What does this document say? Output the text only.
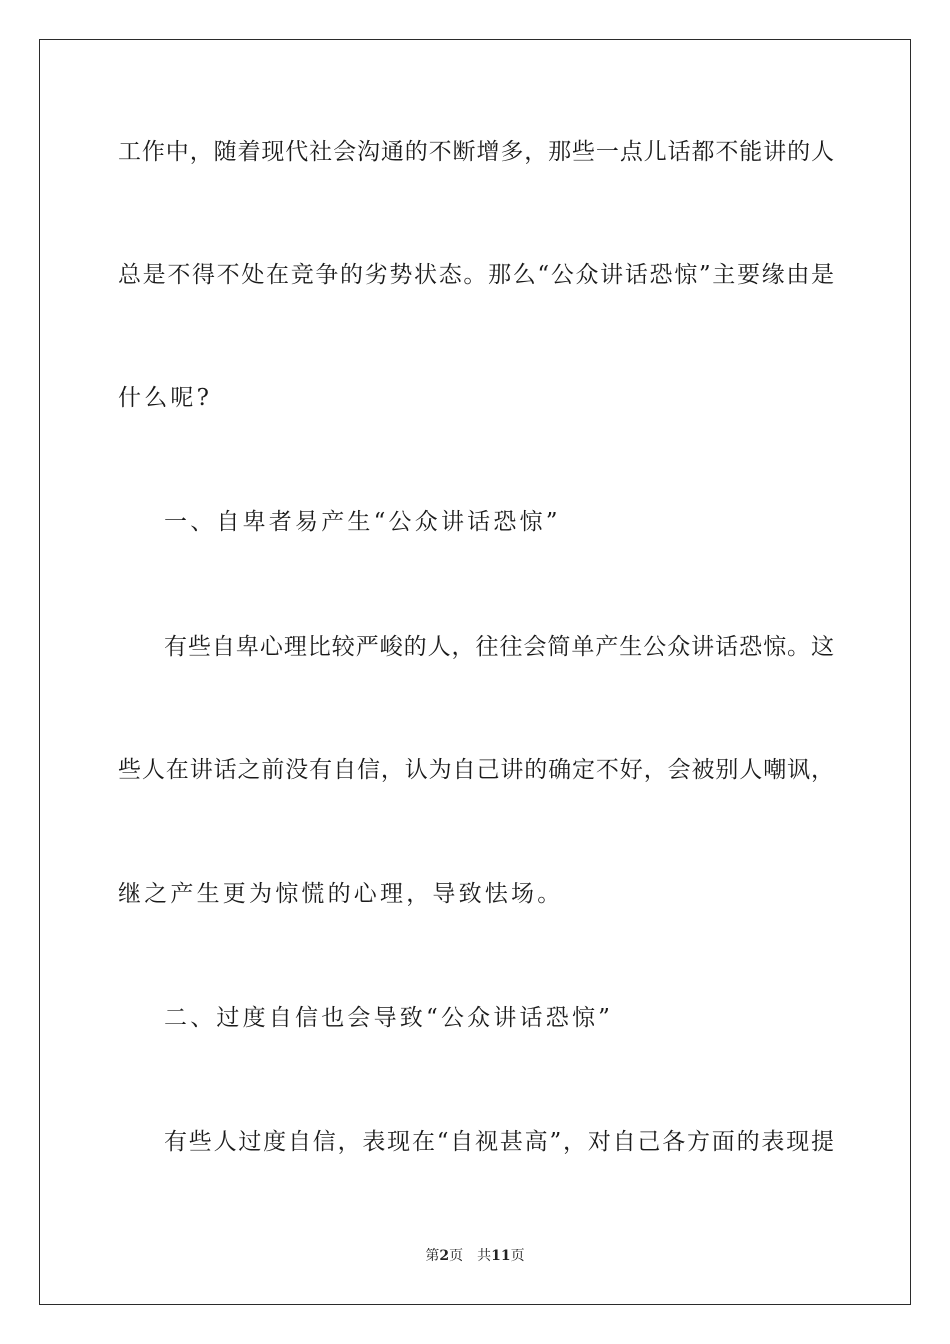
工作中，随着现代社会沟通的不断增多，那些一点儿话都不能讲的人
总是不得不处在竞争的劣势状态。那么“公众讲话恐惊”主要缘由是
什么呢?
一、自卑者易产生“公众讲话恐惊”
有些自卑心理比较严峻的人，往往会简单产生公众讲话恐惊。这
些人在讲话之前没有自信，认为自己讲的确定不好，会被别人嘲讽，
继之产生更为惊慌的心理，导致怯场。
二、过度自信也会导致“公众讲话恐惊”
有些人过度自信，表现在“自视甚高”，对自己各方面的表现提
第2页 共11页
